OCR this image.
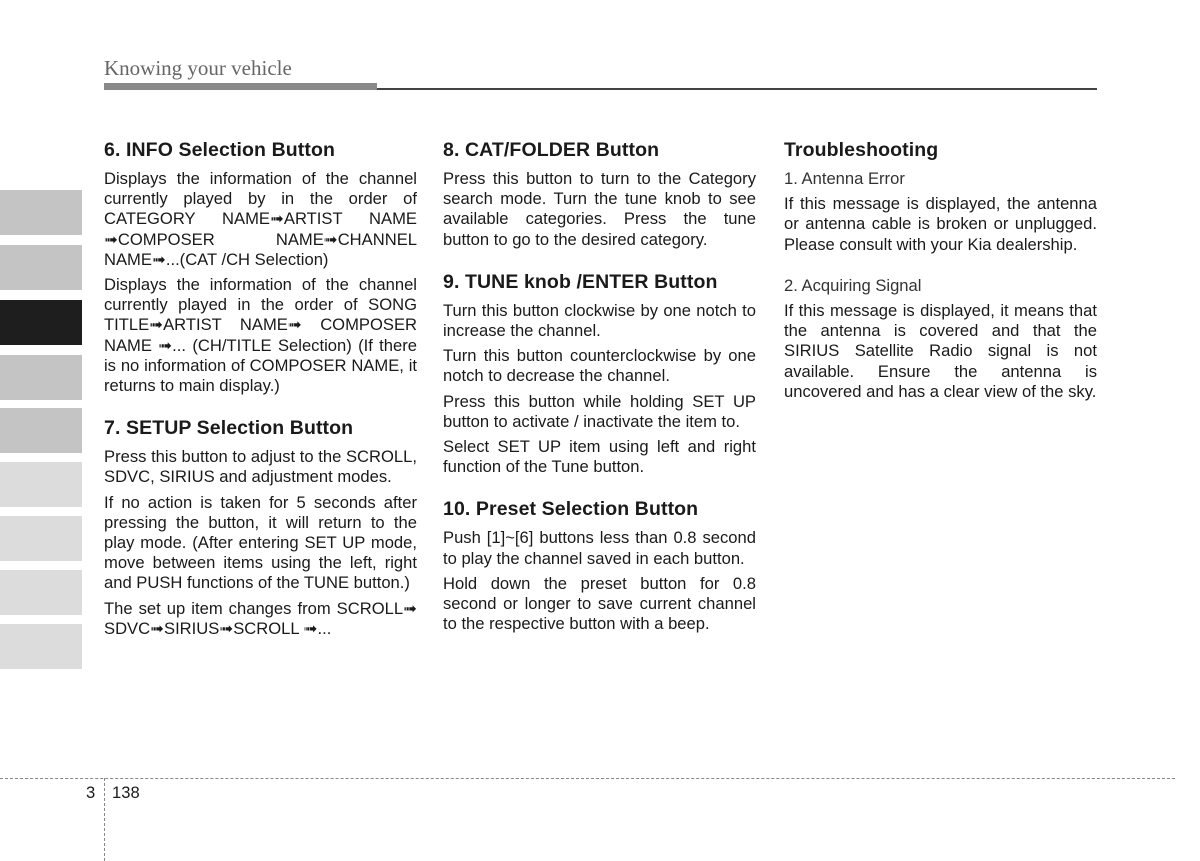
Knowing your vehicle
6. INFO Selection Button

Displays the information of the channel currently played by in the order of CATEGORY NAME➟ARTIST NAME ➟COMPOSER NAME➟CHANNEL NAME➟...(CAT /CH Selection)

Displays the information of the channel currently played in the order of SONG TITLE➟ARTIST NAME➟ COMPOSER NAME ➟... (CH/TITLE Selection) (If there is no information of COMPOSER NAME, it returns to main display.)

7. SETUP Selection Button

Press this button to adjust to the SCROLL, SDVC, SIRIUS and adjustment modes.

If no action is taken for 5 seconds after pressing the button, it will return to the play mode. (After entering SET UP mode, move between items using the left, right and PUSH functions of the TUNE button.)

The set up item changes from SCROLL➟ SDVC➟SIRIUS➟SCROLL ➟...

8. CAT/FOLDER Button

Press this button to turn to the Category search mode. Turn the tune knob to see available categories. Press the tune button to go to the desired category.

9. TUNE knob /ENTER Button

Turn this button clockwise by one notch to increase the channel.

Turn this button counterclockwise by one notch to decrease the channel.

Press this button while holding SET UP button to activate / inactivate the item to.

Select SET UP item using left and right function of the Tune button.

10. Preset Selection Button

Push [1]~[6] buttons less than 0.8 second to play the channel saved in each button.

Hold down the preset button for 0.8 second or longer to save current channel to the respective button with a beep.

Troubleshooting
1. Antenna Error

If this message is displayed, the antenna or antenna cable is broken or unplugged. Please consult with your Kia dealership.

2. Acquiring Signal

If this message is displayed, it means that the antenna is covered and that the SIRIUS Satellite Radio signal is not available. Ensure the antenna is uncovered and has a clear view of the sky.

3 138
